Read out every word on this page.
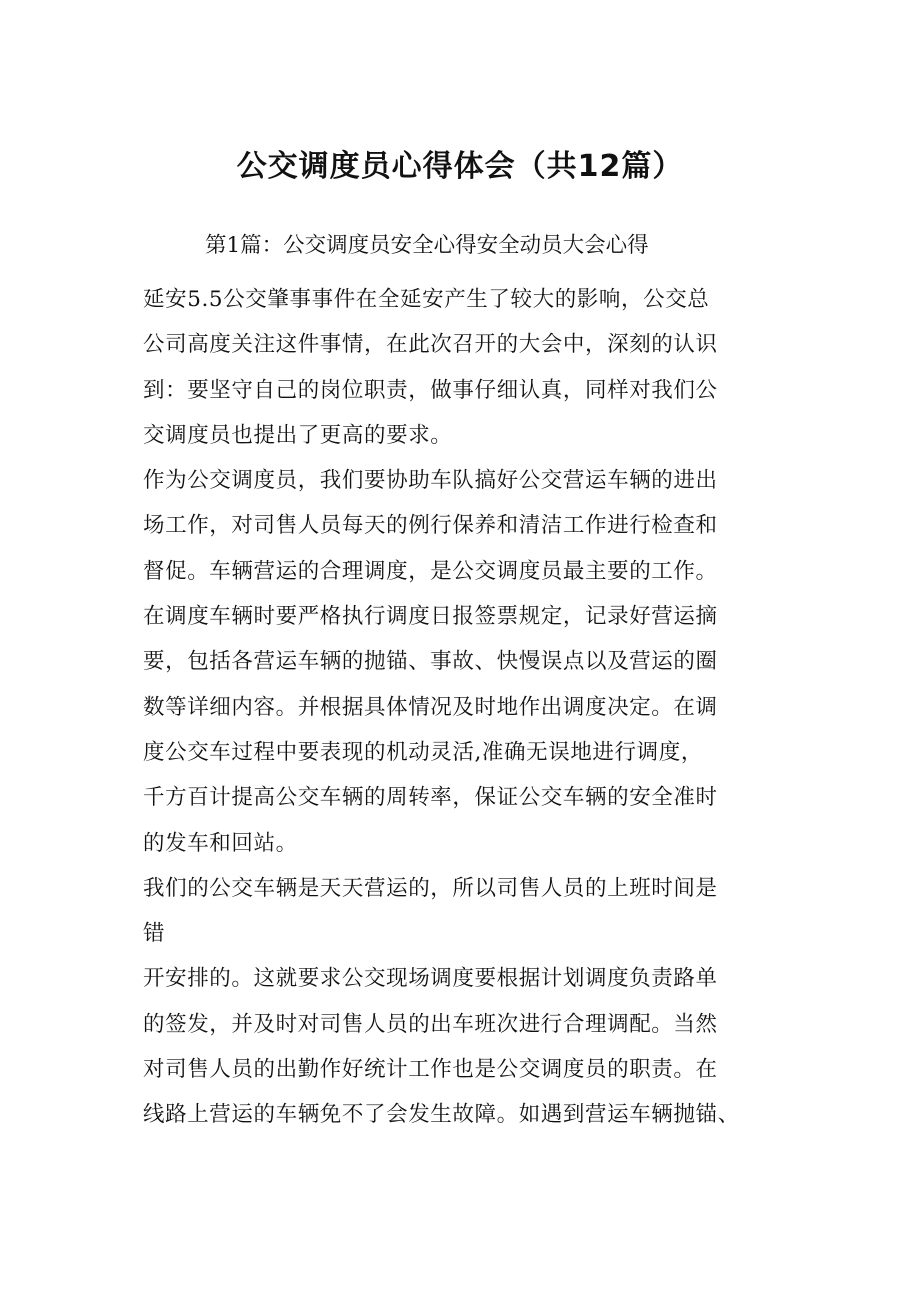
公交调度员心得体会（共12篇）

第1篇：公交调度员安全心得安全动员大会心得

延安5.5公交肇事事件在全延安产生了较大的影响，公交总
公司高度关注这件事情，在此次召开的大会中，深刻的认识
到：要坚守自己的岗位职责，做事仔细认真，同样对我们公
交调度员也提出了更高的要求。
作为公交调度员，我们要协助车队搞好公交营运车辆的进出
场工作，对司售人员每天的例行保养和清洁工作进行检查和
督促。车辆营运的合理调度，是公交调度员最主要的工作。
在调度车辆时要严格执行调度日报签票规定，记录好营运摘
要，包括各营运车辆的抛锚、事故、快慢误点以及营运的圈
数等详细内容。并根据具体情况及时地作出调度决定。在调
度公交车过程中要表现的机动灵活,准确无误地进行调度，
千方百计提高公交车辆的周转率，保证公交车辆的安全准时
的发车和回站。
我们的公交车辆是天天营运的，所以司售人员的上班时间是
错
开安排的。这就要求公交现场调度要根据计划调度负责路单
的签发，并及时对司售人员的出车班次进行合理调配。当然
对司售人员的出勤作好统计工作也是公交调度员的职责。在
线路上营运的车辆免不了会发生故障。如遇到营运车辆抛锚、
